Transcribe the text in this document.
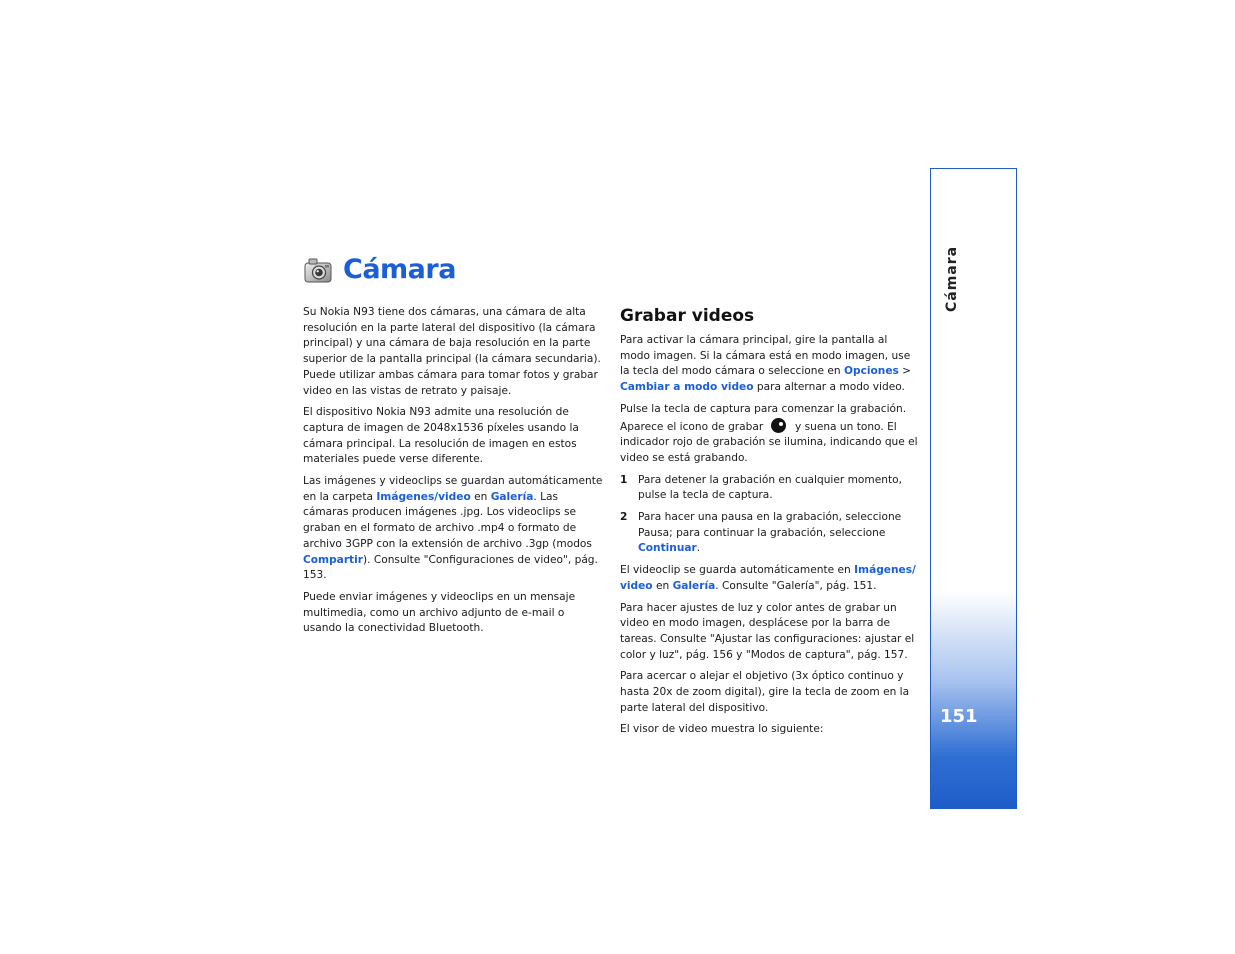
Cámara
151
Cámara

Su Nokia N93 tiene dos cámaras, una cámara de alta resolución en la parte lateral del dispositivo (la cámara principal) y una cámara de baja resolución en la parte superior de la pantalla principal (la cámara secundaria). Puede utilizar ambas cámara para tomar fotos y grabar video en las vistas de retrato y paisaje.

El dispositivo Nokia N93 admite una resolución de captura de imagen de 2048x1536 píxeles usando la cámara principal. La resolución de imagen en estos materiales puede verse diferente.

Las imágenes y videoclips se guardan automáticamente en la carpeta Imágenes/video en Galería. Las cámaras producen imágenes .jpg. Los videoclips se graban en el formato de archivo .mp4 o formato de archivo 3GPP con la extensión de archivo .3gp (modos Compartir). Consulte "Configuraciones de video", pág. 153.

Puede enviar imágenes y videoclips en un mensaje multimedia, como un archivo adjunto de e-mail o usando la conectividad Bluetooth.

Grabar videos

Para activar la cámara principal, gire la pantalla al modo imagen. Si la cámara está en modo imagen, use la tecla del modo cámara o seleccione en Opciones > Cambiar a modo video para alternar a modo video.

Pulse la tecla de captura para comenzar la grabación. Aparece el icono de grabar  y suena un tono. El indicador rojo de grabación se ilumina, indicando que el video se está grabando.

1	Para detener la grabación en cualquier momento, pulse la tecla de captura.
2	Para hacer una pausa en la grabación, seleccione Pausa; para continuar la grabación, seleccione Continuar.

El videoclip se guarda automáticamente en Imágenes/ video en Galería. Consulte "Galería", pág. 151.

Para hacer ajustes de luz y color antes de grabar un video en modo imagen, desplácese por la barra de tareas. Consulte "Ajustar las configuraciones: ajustar el color y luz", pág. 156 y "Modos de captura", pág. 157.

Para acercar o alejar el objetivo (3x óptico continuo y hasta 20x de zoom digital), gire la tecla de zoom en la parte lateral del dispositivo.

El visor de video muestra lo siguiente:
